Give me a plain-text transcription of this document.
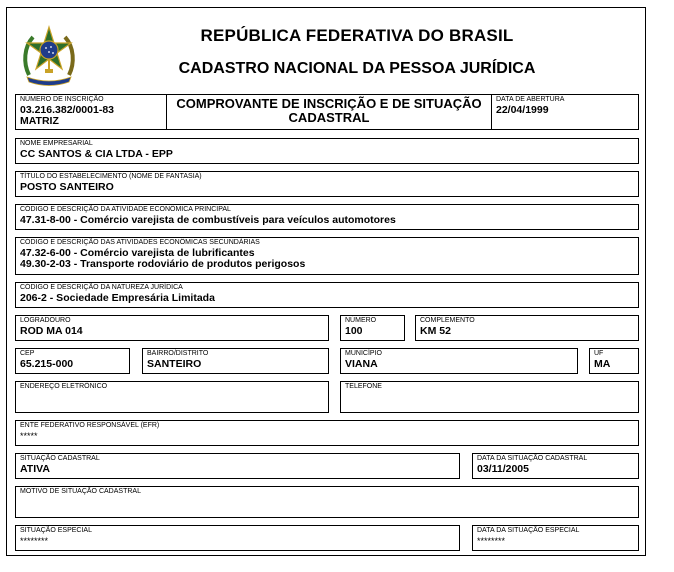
REPÚBLICA FEDERATIVA DO BRASIL
CADASTRO NACIONAL DA PESSOA JURÍDICA
NÚMERO DE INSCRIÇÃO
03.216.382/0001-83
MATRIZ
COMPROVANTE DE INSCRIÇÃO E DE SITUAÇÃO CADASTRAL
DATA DE ABERTURA
22/04/1999
NOME EMPRESARIAL
CC SANTOS & CIA LTDA - EPP
TÍTULO DO ESTABELECIMENTO (NOME DE FANTASIA)
POSTO SANTEIRO
CÓDIGO E DESCRIÇÃO DA ATIVIDADE ECONÔMICA PRINCIPAL
47.31-8-00 - Comércio varejista de combustíveis para veículos automotores
CÓDIGO E DESCRIÇÃO DAS ATIVIDADES ECONÔMICAS SECUNDÁRIAS
47.32-6-00 - Comércio varejista de lubrificantes
49.30-2-03 - Transporte rodoviário de produtos perigosos
CÓDIGO E DESCRIÇÃO DA NATUREZA JURÍDICA
206-2 - Sociedade Empresária Limitada
LOGRADOURO
ROD MA 014
NÚMERO
100
COMPLEMENTO
KM 52
CEP
65.215-000
BAIRRO/DISTRITO
SANTEIRO
MUNICÍPIO
VIANA
UF
MA
ENDEREÇO ELETRÔNICO	TELEFONE
ENTE FEDERATIVO RESPONSÁVEL (EFR)
*****
SITUAÇÃO CADASTRAL
ATIVA
DATA DA SITUAÇÃO CADASTRAL
03/11/2005
MOTIVO DE SITUAÇÃO CADASTRAL
SITUAÇÃO ESPECIAL
********
DATA DA SITUAÇÃO ESPECIAL
********
